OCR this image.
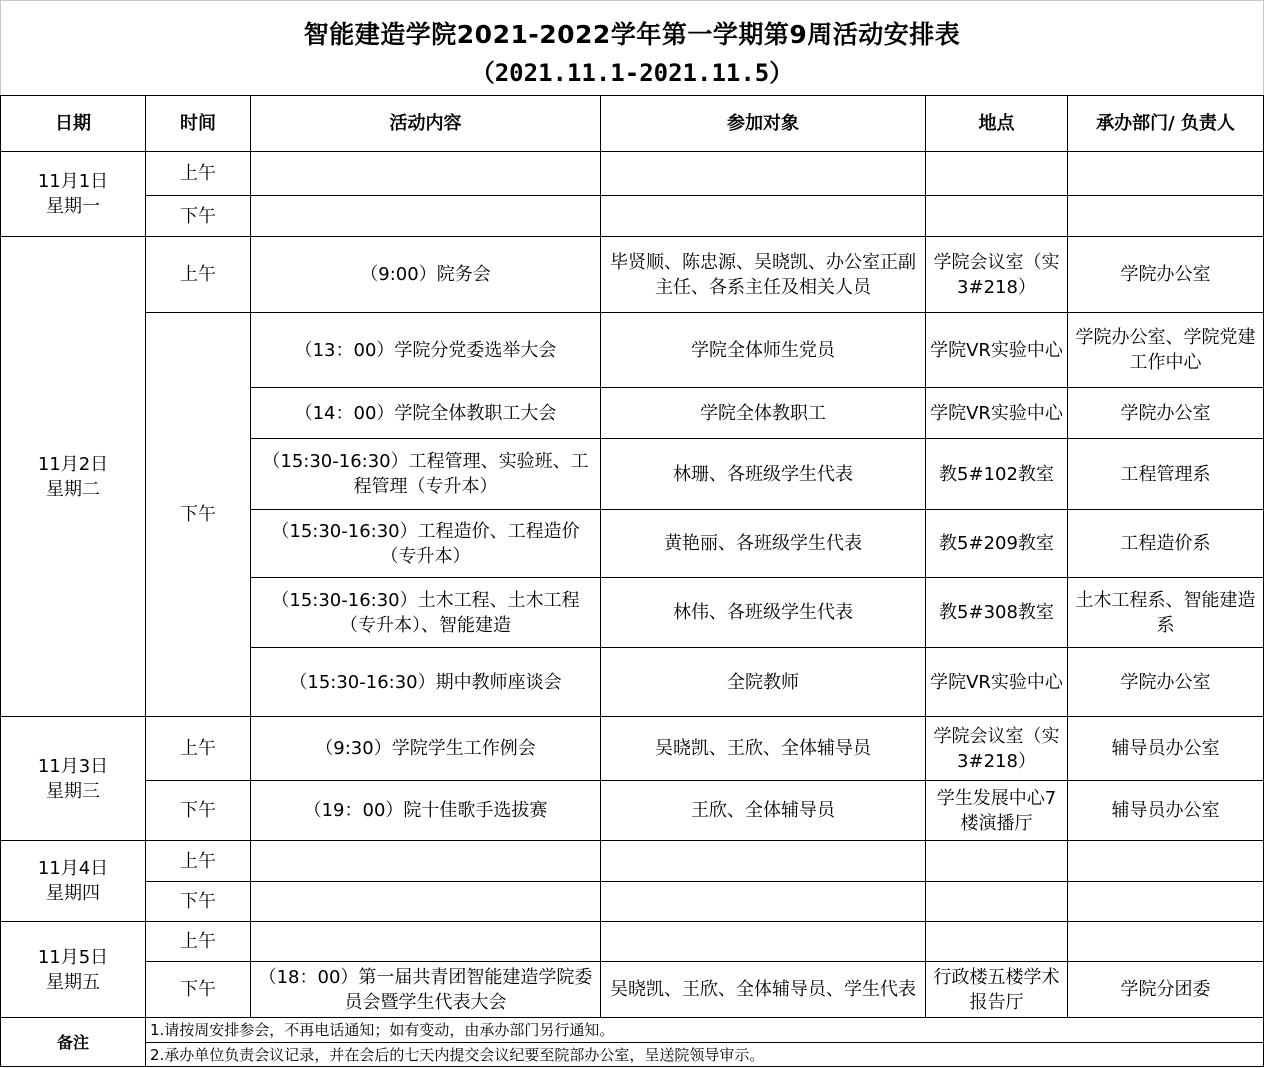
智能建造学院2021-2022学年第一学期第9周活动安排表
（2021.11.1-2021.11.5）
日期	时间	活动内容	参加对象	地点	承办部门/ 负责人

11月1日
星期一	上午				
	下午				

11月2日
星期二	上午	（9:00）院务会	毕贤顺、陈忠源、吴晓凯、办公室正副主任、各系主任及相关人员	学院会议室（实3#218）	学院办公室
	下午	（13：00）学院分党委选举大会	学院全体师生党员	学院VR实验中心	学院办公室、学院党建工作中心
		（14：00）学院全体教职工大会	学院全体教职工	学院VR实验中心	学院办公室
		（15:30-16:30）工程管理、实验班、工程管理（专升本）	林珊、各班级学生代表	教5#102教室	工程管理系
		（15:30-16:30）工程造价、工程造价（专升本）	黄艳丽、各班级学生代表	教5#209教室	工程造价系
		（15:30-16:30）土木工程、土木工程（专升本）、智能建造	林伟、各班级学生代表	教5#308教室	土木工程系、智能建造系
		（15:30-16:30）期中教师座谈会	全院教师	学院VR实验中心	学院办公室

11月3日
星期三	上午	（9:30）学院学生工作例会	吴晓凯、王欣、全体辅导员	学院会议室（实3#218）	辅导员办公室
	下午	（19：00）院十佳歌手选拔赛	王欣、全体辅导员	学生发展中心7楼演播厅	辅导员办公室

11月4日
星期四	上午				
	下午				

11月5日
星期五	上午				
	下午	（18：00）第一届共青团智能建造学院委员会暨学生代表大会	吴晓凯、王欣、全体辅导员、学生代表	行政楼五楼学术报告厅	学院分团委
备注	1.请按周安排参会，不再电话通知；如有变动，由承办部门另行通知。				
	2.承办单位负责会议记录，并在会后的七天内提交会议纪要至院部办公室，呈送院领导审示。				
